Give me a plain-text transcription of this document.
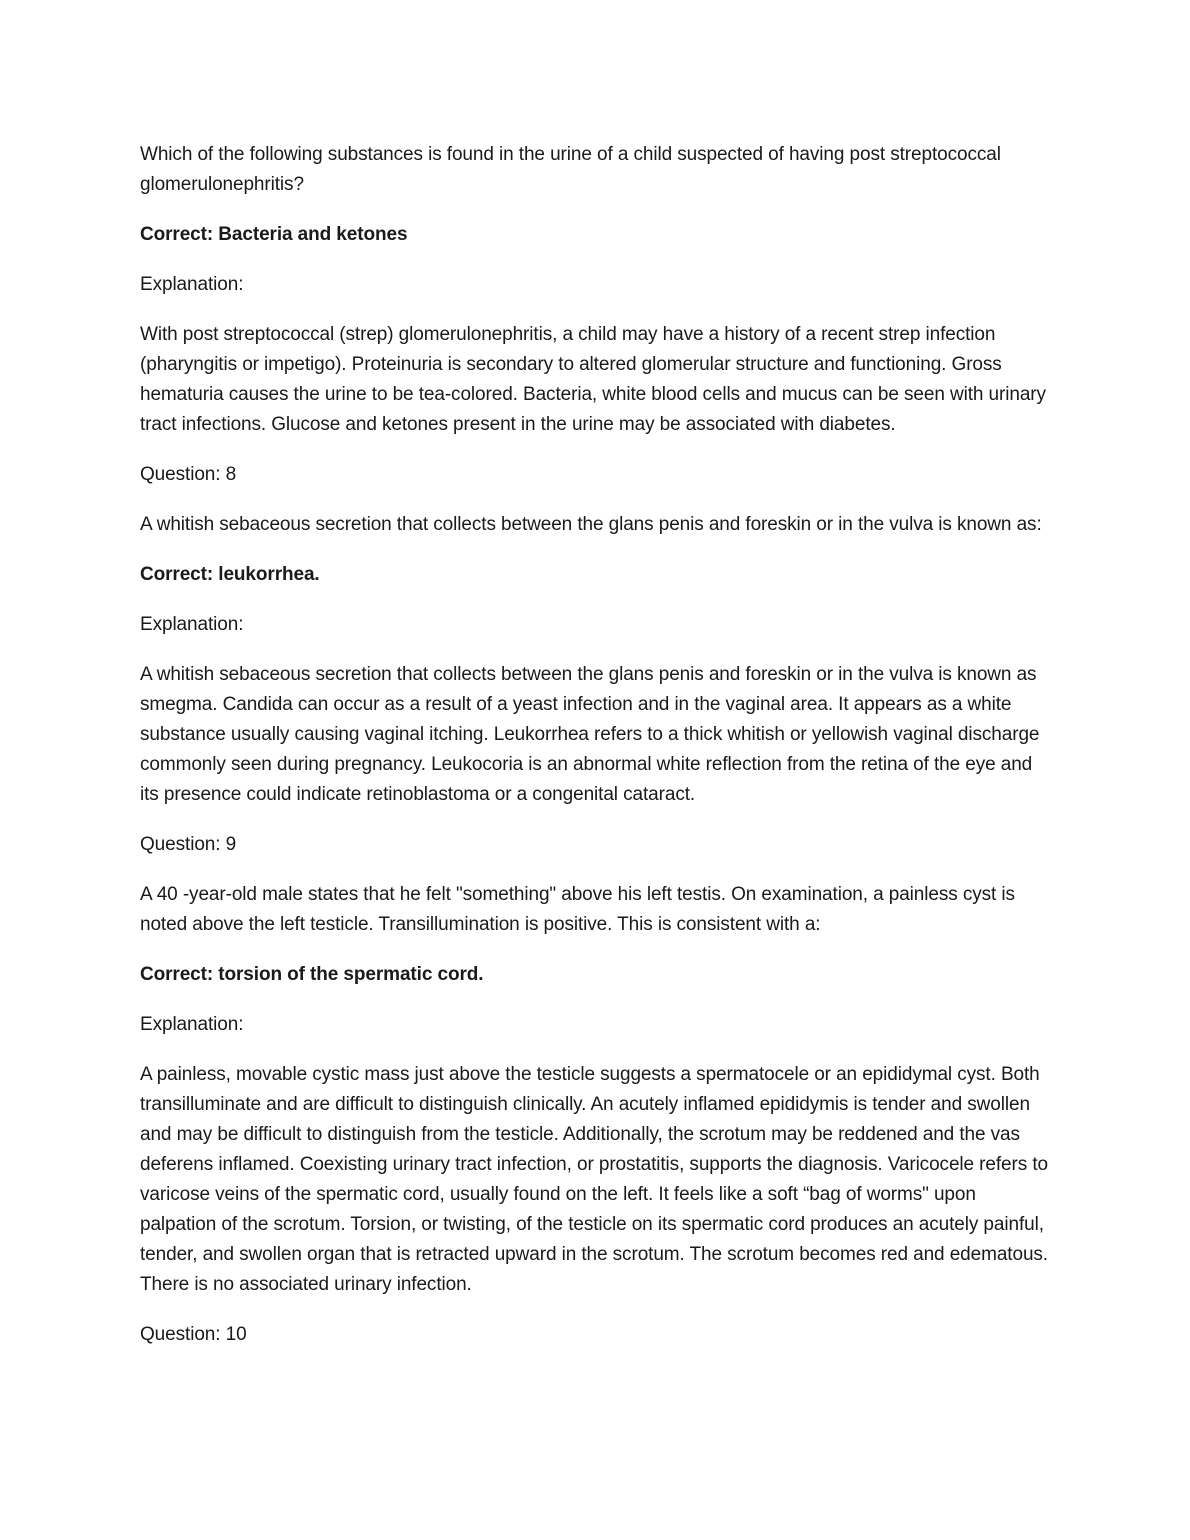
Which of the following substances is found in the urine of a child suspected of having post streptococcal glomerulonephritis?

Correct: Bacteria and ketones

Explanation:

With post streptococcal (strep) glomerulonephritis, a child may have a history of a recent strep infection (pharyngitis or impetigo). Proteinuria is secondary to altered glomerular structure and functioning. Gross hematuria causes the urine to be tea-colored. Bacteria, white blood cells and mucus can be seen with urinary tract infections. Glucose and ketones present in the urine may be associated with diabetes.

Question: 8

A whitish sebaceous secretion that collects between the glans penis and foreskin or in the vulva is known as:

Correct: leukorrhea.

Explanation:

A whitish sebaceous secretion that collects between the glans penis and foreskin or in the vulva is known as smegma. Candida can occur as a result of a yeast infection and in the vaginal area. It appears as a white substance usually causing vaginal itching. Leukorrhea refers to a thick whitish or yellowish vaginal discharge commonly seen during pregnancy. Leukocoria is an abnormal white reflection from the retina of the eye and its presence could indicate retinoblastoma or a congenital cataract.

Question: 9

A 40 -year-old male states that he felt "something" above his left testis. On examination, a painless cyst is noted above the left testicle. Transillumination is positive. This is consistent with a:

Correct: torsion of the spermatic cord.

Explanation:

A painless, movable cystic mass just above the testicle suggests a spermatocele or an epididymal cyst. Both transilluminate and are difficult to distinguish clinically. An acutely inflamed epididymis is tender and swollen and may be difficult to distinguish from the testicle. Additionally, the scrotum may be reddened and the vas deferens inflamed. Coexisting urinary tract infection, or prostatitis, supports the diagnosis. Varicocele refers to varicose veins of the spermatic cord, usually found on the left. It feels like a soft “bag of worms" upon palpation of the scrotum. Torsion, or twisting, of the testicle on its spermatic cord produces an acutely painful, tender, and swollen organ that is retracted upward in the scrotum. The scrotum becomes red and edematous. There is no associated urinary infection.

Question: 10
